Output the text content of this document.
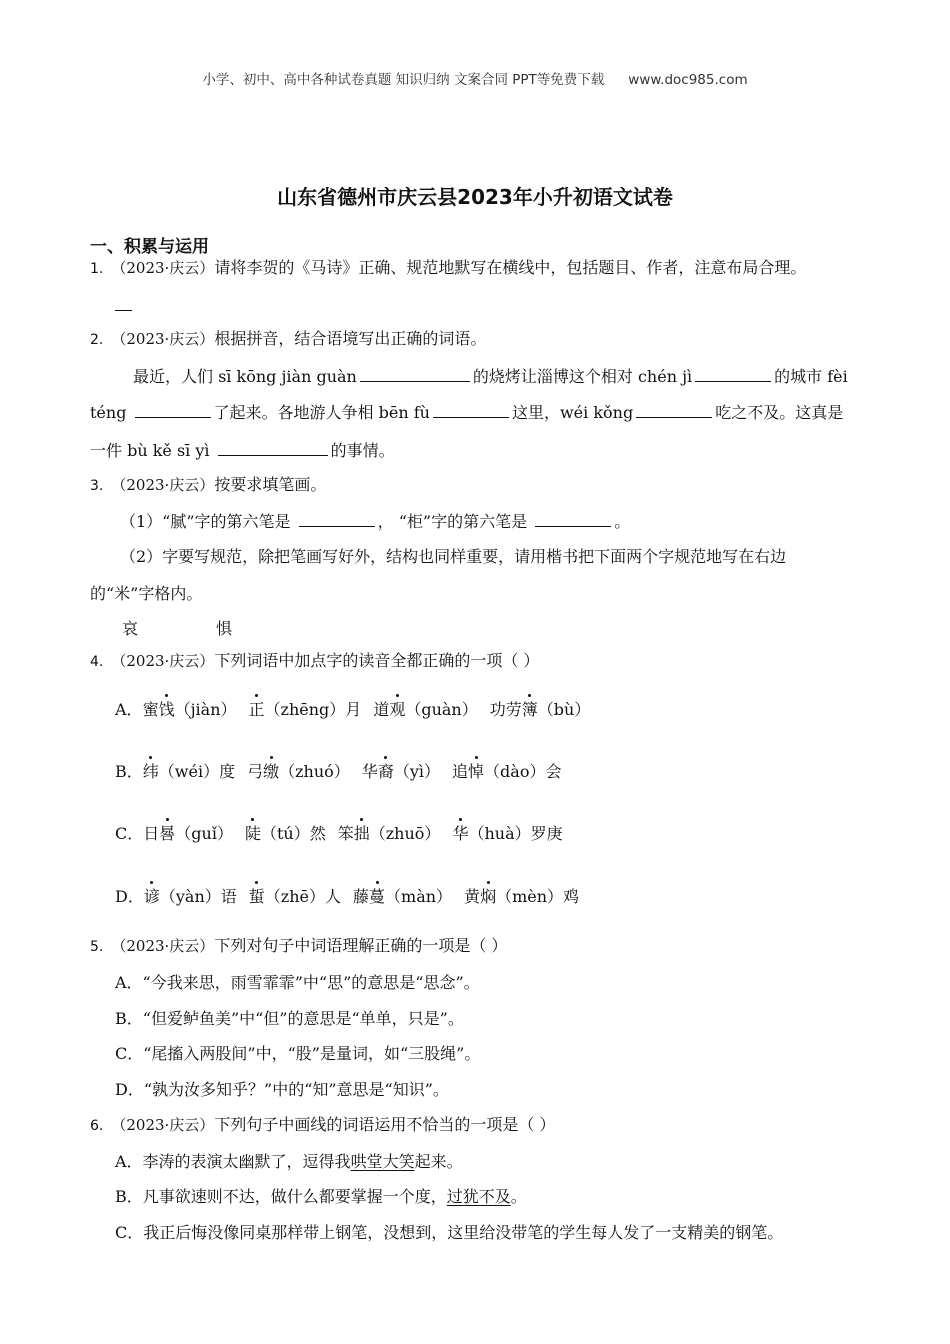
小学、初中、高中各种试卷真题 知识归纳 文案合同 PPT等免费下载 www.doc985.com
山东省德州市庆云县2023年小升初语文试卷
一、积累与运用
1. （2023·庆云）请将李贺的《马诗》正确、规范地默写在横线中，包括题目、作者，注意布局合理。
2. （2023·庆云）根据拼音，结合语境写出正确的词语。
最近，人们 sī kōng jiàn guàn	的烧烤让淄博这个相对 chén jì	的城市 fèi
téng	了起来。各地游人争相 bēn fù	这里，wéi kǒng	吃之不及。这真是
一件 bù kě sī yì	的事情。
3. （2023·庆云）按要求填笔画。
（1）“腻”字的第六笔是	， “柜”字的第六笔是	。
（2）字要写规范，除把笔画写好外，结构也同样重要，请用楷书把下面两个字规范地写在右边
的“米”字格内。
哀	惧
4. （2023·庆云）下列词语中加点字的读音全都正确的一项（ ）
A．蜜饯（jiàn） 正（zhēng）月 道观（guàn） 功劳簿（bù）
B．纬（wéi）度 弓缴（zhuó） 华裔（yì） 追悼（dào）会
C．日晷（guǐ） 陡（tú）然 笨拙（zhuō） 华（huà）罗庚
D．谚（yàn）语 蜇（zhē）人 藤蔓（màn） 黄焖（mèn）鸡
5. （2023·庆云）下列对句子中词语理解正确的一项是（ ）
A．“今我来思，雨雪霏霏”中“思”的意思是“思念”。
B．“但爱鲈鱼美”中“但”的意思是“单单，只是”。
C．“尾搐入两股间”中，“股”是量词，如“三股绳”。
D．“孰为汝多知乎？”中的“知”意思是“知识”。
6. （2023·庆云）下列句子中画线的词语运用不恰当的一项是（ ）
A．李涛的表演太幽默了，逗得我哄堂大笑起来。
B．凡事欲速则不达，做什么都要掌握一个度，过犹不及。
C．我正后悔没像同桌那样带上钢笔，没想到，这里给没带笔的学生每人发了一支精美的钢笔。
